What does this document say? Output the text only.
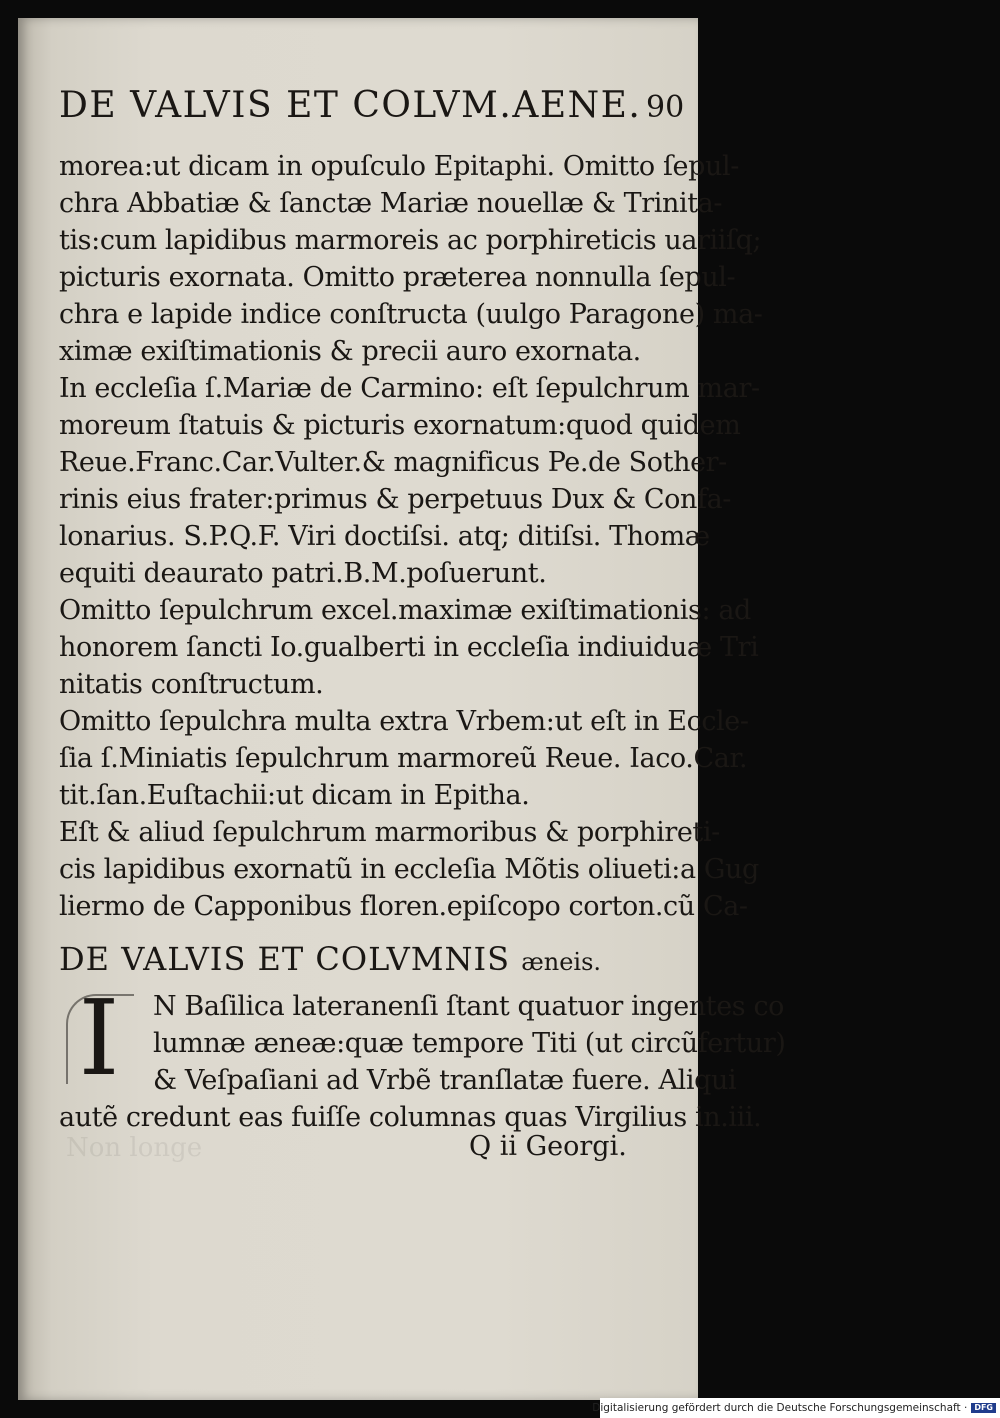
DE VALVIS ET COLVM.AENE. 90
morea:ut dicam in opuſculo Epitaphi. Omitto ſepul-
chra Abbatiæ & ſanctæ Mariæ nouellæ & Trinita-
tis:cum lapidibus marmoreis ac porphireticis uariiſq;
picturis exornata. Omitto præterea nonnulla ſepul-
chra e lapide indice conſtructa (uulgo Paragone) ma-
ximæ exiſtimationis & precii auro exornata.
In eccleſia ſ.Mariæ de Carmino: eſt ſepulchrum mar-
moreum ſtatuis & picturis exornatum:quod quidem
Reue.Franc.Car.Vulter.& magnificus Pe.de Sother-
rinis eius frater:primus & perpetuus Dux & Confa-
lonarius. S.P.Q.F. Viri doctiſsi. atq; ditiſsi. Thomæ
equiti deaurato patri.B.M.poſuerunt.
Omitto ſepulchrum excel.maximæ exiſtimationis: ad
honorem ſancti Io.gualberti in eccleſia indiuiduæ Tri
nitatis conſtructum.
Omitto ſepulchra multa extra Vrbem:ut eſt in Eccle-
ſia ſ.Miniatis ſepulchrum marmoreũ Reue. Iaco.Car.
tit.ſan.Euſtachii:ut dicam in Epitha.
Eſt & aliud ſepulchrum marmoribus & porphireti-
cis lapidibus exornatũ in eccleſia Mõtis oliueti:a Gug
liermo de Capponibus floren.epiſcopo corton.cũ Ca-
DE VALVIS ET COLVMNIS æneis.
I N Baſilica lateranenſi ſtant quatuor ingentes co
lumnæ æneæ:quæ tempore Titi (ut circũfertur)
& Veſpaſiani ad Vrbẽ tranſlatæ fuere. Aliqui
autẽ credunt eas fuiſſe columnas quas Virgilius in.iii.
Non longe	Q ii Georgi.
Digitalisierung gefördert durch die Deutsche Forschungsgemeinschaft · DFG
